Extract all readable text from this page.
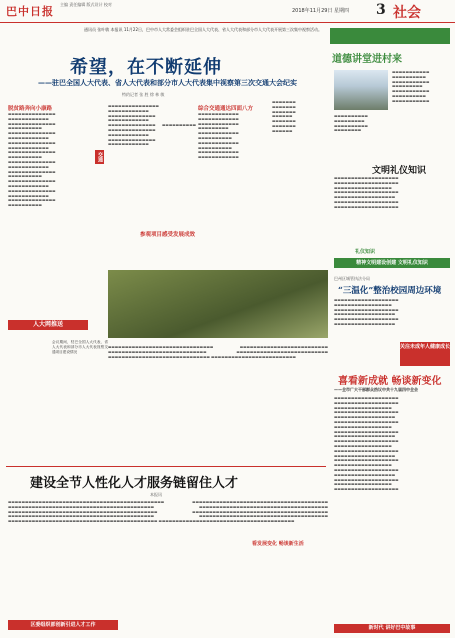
巴中日报
主编 责任编辑 版式设计 校对
2018年11月29日 星期四 3 社会
通讯员 张叶敏 本报讯 11月22日，巴中市人大常委会组织驻巴全国人大代表、省人大代表和部分市人大代表开展第三次集中视察活动。
希望，在不断延伸
——驻巴全国人大代表、省人大代表和部分市人大代表集中视察第三次交通大会纪实
特约记者 张 胜 徐 林 敏
脱贫路奔向小康路
▬▬▬▬▬▬▬▬▬▬▬▬▬▬ ▬▬▬▬▬▬▬▬▬▬▬▬ ▬▬▬▬▬▬▬▬▬▬▬▬▬▬ ▬▬▬▬▬▬▬▬▬▬ ▬▬▬▬▬▬▬▬▬▬▬▬▬▬ ▬▬▬▬▬▬▬▬▬▬▬▬ ▬▬▬▬▬▬▬▬▬▬▬▬▬▬ ▬▬▬▬▬▬▬▬▬▬▬▬ ▬▬▬▬▬▬▬▬▬▬▬▬▬▬ ▬▬▬▬▬▬▬▬▬▬ ▬▬▬▬▬▬▬▬▬▬▬▬▬▬ ▬▬▬▬▬▬▬▬▬▬▬▬ ▬▬▬▬▬▬▬▬▬▬▬▬▬▬ ▬▬▬▬▬▬▬▬▬▬ ▬▬▬▬▬▬▬▬▬▬▬▬▬▬ ▬▬▬▬▬▬▬▬▬▬▬▬ ▬▬▬▬▬▬▬▬▬▬▬▬▬▬ ▬▬▬▬▬▬▬▬▬▬▬▬ ▬▬▬▬▬▬▬▬▬▬▬▬▬▬ ▬▬▬▬▬▬▬▬▬▬
人大网推送
交通
▬▬▬▬▬▬▬▬▬▬▬▬▬▬▬ ▬▬▬▬▬▬▬▬▬▬▬▬ ▬▬▬▬▬▬▬▬▬▬▬▬▬▬ ▬▬▬▬▬▬▬▬▬▬▬▬ ▬▬▬▬▬▬▬▬▬▬▬▬▬▬ ▬▬▬▬▬▬▬▬▬▬ ▬▬▬▬▬▬▬▬▬▬▬▬▬▬ ▬▬▬▬▬▬▬▬▬▬▬▬ ▬▬▬▬▬▬▬▬▬▬▬▬▬▬ ▬▬▬▬▬▬▬▬▬▬▬▬
综合交通通达四面八方
▬▬▬▬▬▬▬▬▬▬▬▬ ▬▬▬▬▬▬▬▬▬▬▬▬ ▬▬▬▬▬▬▬▬▬▬▬▬ ▬▬▬▬▬▬▬▬▬ ▬▬▬▬▬▬▬▬▬▬▬▬ ▬▬▬▬▬▬▬▬▬▬ ▬▬▬▬▬▬▬▬▬▬▬▬ ▬▬▬▬▬▬▬▬▬▬ ▬▬▬▬▬▬▬▬▬▬▬▬ ▬▬▬▬▬▬▬▬▬▬▬▬
▬▬▬▬▬▬▬ ▬▬▬▬▬▬▬ ▬▬▬▬▬▬▬ ▬▬▬▬▬▬ ▬▬▬▬▬▬▬ ▬▬▬▬▬▬▬ ▬▬▬▬▬▬
参观项目感受发展成效
会议期间，驻巴全国人大代表、省人大代表和部分市人大代表视察交通项目建设情况
▬▬▬▬▬▬▬▬▬▬▬▬▬▬▬▬▬▬▬▬▬▬▬▬▬▬▬▬▬▬▬ ▬▬▬▬▬▬▬▬▬▬▬▬▬▬▬▬▬▬▬▬▬▬▬▬▬▬ ▬▬▬▬▬▬▬▬▬▬▬▬▬▬▬▬▬▬▬▬▬▬▬▬▬▬▬▬▬ ▬▬▬▬▬▬▬▬▬▬▬▬▬▬▬▬▬▬▬▬▬▬▬▬▬▬▬ ▬▬▬▬▬▬▬▬▬▬▬▬▬▬▬▬▬▬▬▬▬▬▬▬▬▬▬▬▬▬ ▬▬▬▬▬▬▬▬▬▬▬▬▬▬▬▬▬▬▬▬▬▬▬▬▬
道德讲堂进村来
▬▬▬▬▬▬▬▬▬▬▬ ▬▬▬▬▬▬▬▬▬▬ ▬▬▬▬▬▬▬▬▬▬▬ ▬▬▬▬▬▬▬▬▬ ▬▬▬▬▬▬▬▬▬▬▬ ▬▬▬▬▬▬▬▬▬▬ ▬▬▬▬▬▬▬▬▬▬▬
▬▬▬▬▬▬▬▬▬▬ ▬▬▬▬▬▬▬▬▬ ▬▬▬▬▬▬▬▬▬▬ ▬▬▬▬▬▬▬▬
文明礼仪知识
▬▬▬▬▬▬▬▬▬▬▬▬▬▬▬▬▬▬▬ ▬▬▬▬▬▬▬▬▬▬▬▬▬▬▬▬▬▬▬ ▬▬▬▬▬▬▬▬▬▬▬▬▬▬▬▬▬ ▬▬▬▬▬▬▬▬▬▬▬▬▬▬▬▬▬▬▬ ▬▬▬▬▬▬▬▬▬▬▬▬▬▬▬▬▬▬ ▬▬▬▬▬▬▬▬▬▬▬▬▬▬▬▬▬▬▬ ▬▬▬▬▬▬▬▬▬▬▬▬▬▬▬▬▬▬▬
礼仪知识
精神文明建设创建 文明礼仪知识
巴州区城管执法分局
“三温化”整治校园周边环境
▬▬▬▬▬▬▬▬▬▬▬▬▬▬▬▬▬▬▬ ▬▬▬▬▬▬▬▬▬▬▬▬▬▬▬▬▬ ▬▬▬▬▬▬▬▬▬▬▬▬▬▬▬▬▬▬▬ ▬▬▬▬▬▬▬▬▬▬▬▬▬▬▬▬▬▬ ▬▬▬▬▬▬▬▬▬▬▬▬▬▬▬▬▬▬▬ ▬▬▬▬▬▬▬▬▬▬▬▬▬▬▬▬▬▬
关注未成年人健康成长
喜看新成就 畅谈新变化
——全市广大干部群众热议中共十九届四中全会
▬▬▬▬▬▬▬▬▬▬▬▬▬▬▬▬▬▬▬ ▬▬▬▬▬▬▬▬▬▬▬▬▬▬▬▬▬▬▬ ▬▬▬▬▬▬▬▬▬▬▬▬▬▬▬▬▬ ▬▬▬▬▬▬▬▬▬▬▬▬▬▬▬▬▬▬▬ ▬▬▬▬▬▬▬▬▬▬▬▬▬▬▬▬▬▬ ▬▬▬▬▬▬▬▬▬▬▬▬▬▬▬▬▬▬▬ ▬▬▬▬▬▬▬▬▬▬▬▬▬▬▬▬▬ ▬▬▬▬▬▬▬▬▬▬▬▬▬▬▬▬▬▬▬ ▬▬▬▬▬▬▬▬▬▬▬▬▬▬▬▬▬▬ ▬▬▬▬▬▬▬▬▬▬▬▬▬▬▬▬▬▬▬ ▬▬▬▬▬▬▬▬▬▬▬▬▬▬▬▬▬ ▬▬▬▬▬▬▬▬▬▬▬▬▬▬▬▬▬▬▬ ▬▬▬▬▬▬▬▬▬▬▬▬▬▬▬▬▬▬ ▬▬▬▬▬▬▬▬▬▬▬▬▬▬▬▬▬▬▬ ▬▬▬▬▬▬▬▬▬▬▬▬▬▬▬▬▬ ▬▬▬▬▬▬▬▬▬▬▬▬▬▬▬▬▬▬▬ ▬▬▬▬▬▬▬▬▬▬▬▬▬▬▬▬▬▬ ▬▬▬▬▬▬▬▬▬▬▬▬▬▬▬▬▬▬▬ ▬▬▬▬▬▬▬▬▬▬▬▬▬▬▬▬▬ ▬▬▬▬▬▬▬▬▬▬▬▬▬▬▬▬▬▬▬
新时代 讲好巴中故事
建设全节人性化人才服务链留住人才
本报讯
▬▬▬▬▬▬▬▬▬▬▬▬▬▬▬▬▬▬▬▬▬▬▬▬▬▬▬▬▬▬▬▬▬▬▬▬▬▬▬▬▬▬▬▬▬▬ ▬▬▬▬▬▬▬▬▬▬▬▬▬▬▬▬▬▬▬▬▬▬▬▬▬▬▬▬▬▬▬▬▬▬▬▬▬▬▬▬ ▬▬▬▬▬▬▬▬▬▬▬▬▬▬▬▬▬▬▬▬▬▬▬▬▬▬▬▬▬▬▬▬▬▬▬▬▬▬▬▬▬▬▬ ▬▬▬▬▬▬▬▬▬▬▬▬▬▬▬▬▬▬▬▬▬▬▬▬▬▬▬▬▬▬▬▬▬▬▬▬▬▬ ▬▬▬▬▬▬▬▬▬▬▬▬▬▬▬▬▬▬▬▬▬▬▬▬▬▬▬▬▬▬▬▬▬▬▬▬▬▬▬▬▬▬▬▬ ▬▬▬▬▬▬▬▬▬▬▬▬▬▬▬▬▬▬▬▬▬▬▬▬▬▬▬▬▬▬▬▬▬▬▬▬▬▬▬▬ ▬▬▬▬▬▬▬▬▬▬▬▬▬▬▬▬▬▬▬▬▬▬▬▬▬▬▬▬▬▬▬▬▬▬▬▬▬▬▬▬▬▬▬ ▬▬▬▬▬▬▬▬▬▬▬▬▬▬▬▬▬▬▬▬▬▬▬▬▬▬▬▬▬▬▬▬▬▬▬▬▬▬ ▬▬▬▬▬▬▬▬▬▬▬▬▬▬▬▬▬▬▬▬▬▬▬▬▬▬▬▬▬▬▬▬▬▬▬▬▬▬▬▬▬▬▬▬ ▬▬▬▬▬▬▬▬▬▬▬▬▬▬▬▬▬▬▬▬▬▬▬▬▬▬▬▬▬▬▬▬▬▬▬▬▬▬▬▬
看发展变化 畅谈新生活
区委组织部创新引进人才工作
